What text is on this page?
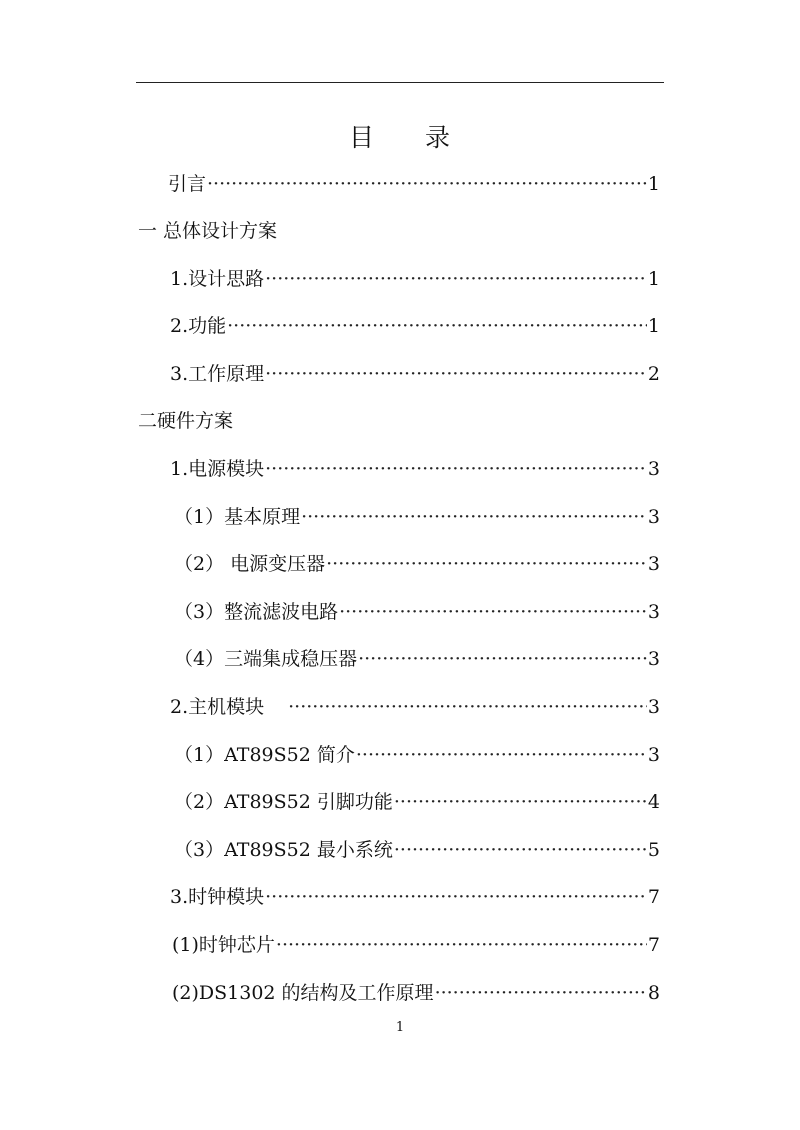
目 录
引言 ·····	1
一 总体设计方案
1.设计思路 ·····	1
2.功能 ·····	1
3.工作原理 ·····	2
二硬件方案
1.电源模块 ·····	3
（1）基本原理 ·····	3
（2） 电源变压器 ·····	3
（3）整流滤波电路 ·····	3
（4）三端集成稳压器 ·····	3
2.主机模块 ·····	3
（1）AT89S52 简介 ·····	3
（2）AT89S52 引脚功能 ·····	4
（3）AT89S52 最小系统 ·····	5
3.时钟模块 ·····	7
(1)时钟芯片 ·····	7
(2)DS1302 的结构及工作原理 ·····	8
1
